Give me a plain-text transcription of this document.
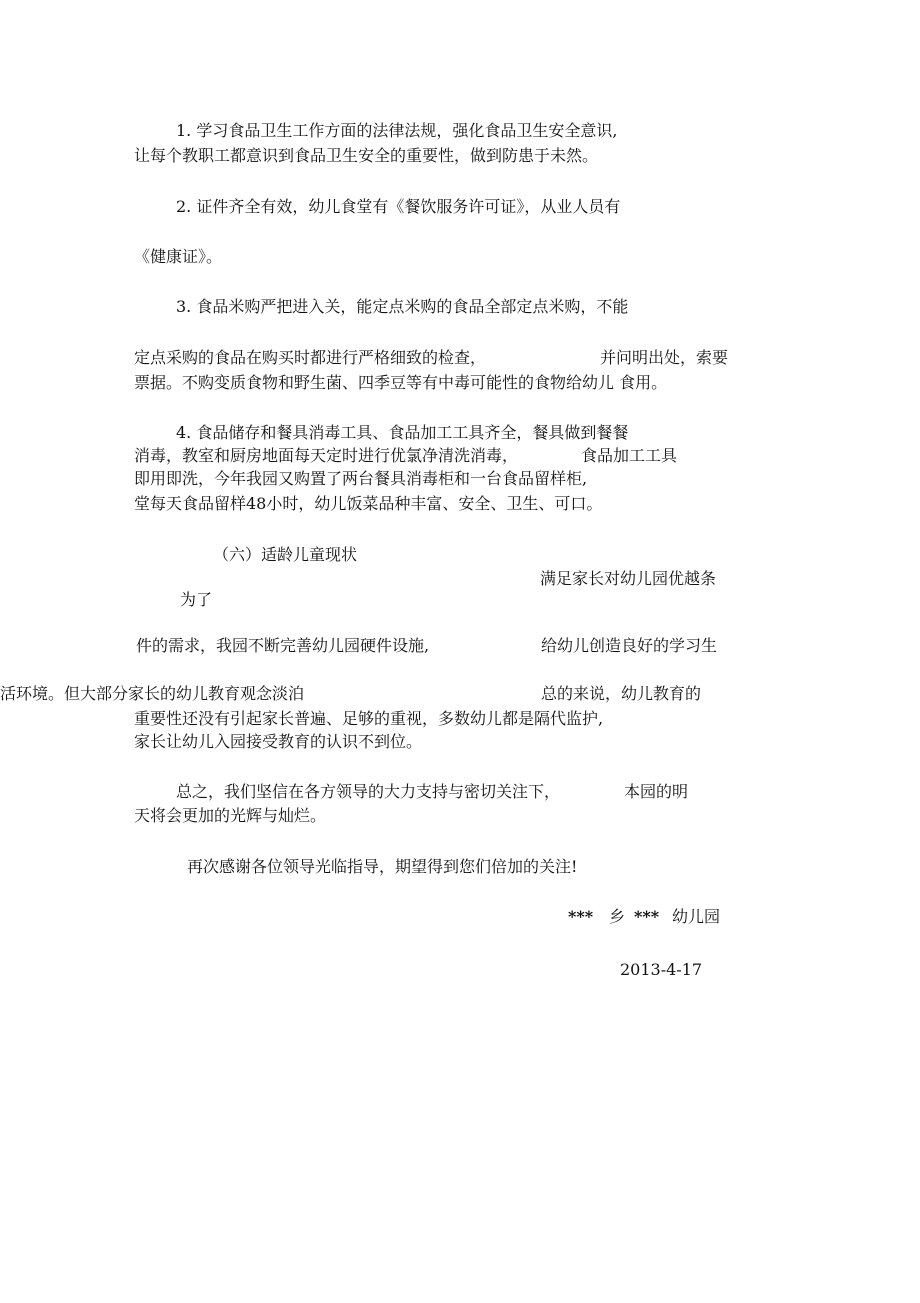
1. 学习食品卫生工作方面的法律法规，强化食品卫生安全意识,
让每个教职工都意识到食品卫生安全的重要性，做到防患于未然。
2. 证件齐全有效，幼儿食堂有《餐饮服务许可证》，从业人员有
《健康证》。
3. 食品米购严把进入关，能定点米购的食品全部定点米购，不能
定点采购的食品在购买时都进行严格细致的检查，	并问明出处，索要
票据。不购变质食物和野生菌、四季豆等有中毒可能性的食物给幼儿 食用。
4. 食品储存和餐具消毒工具、食品加工工具齐全，餐具做到餐餐
消毒，教室和厨房地面每天定时进行优氯净清洗消毒，	食品加工工具
即用即洗，今年我园又购置了两台餐具消毒柜和一台食品留样柜,
堂每天食品留样48小时，幼儿饭菜品种丰富、安全、卫生、可口。
（六）适龄儿童现状
满足家长对幼儿园优越条
为了
件的需求，我园不断完善幼儿园硬件设施,	给幼儿创造良好的学习生
活环境。但大部分家长的幼儿教育观念淡泊	总的来说，幼儿教育的
重要性还没有引起家长普遍、足够的重视，多数幼儿都是隔代监护,
家长让幼儿入园接受教育的认识不到位。
总之，我们坚信在各方领导的大力支持与密切关注下，	本园的明
天将会更加的光辉与灿烂。
再次感谢各位领导光临指导，期望得到您们倍加的关注!
*** 乡 *** 幼儿园
2013-4-17
